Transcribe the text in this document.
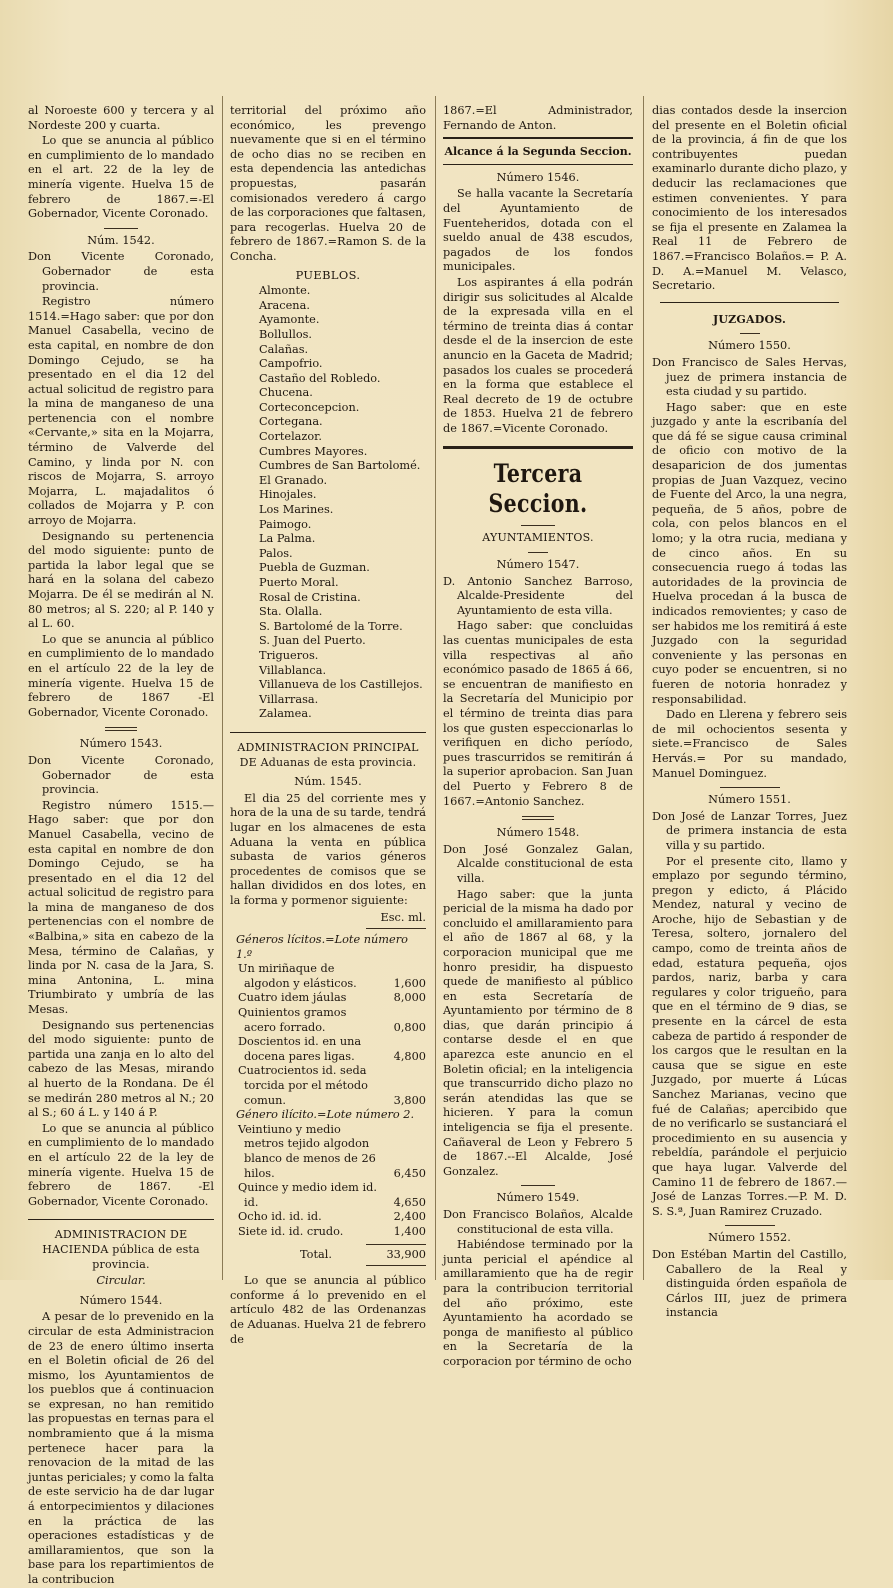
al Noroeste 600 y tercera y al Nordeste 200 y cuarta.

Lo que se anuncia al público en cumplimiento de lo mandado en el art. 22 de la ley de minería vigente. Huelva 15 de febrero de 1867.=-El Gobernador, Vicente Coronado.

Núm. 1542.

Don Vicente Coronado, Gobernador de esta provincia.

Registro número 1514.=Hago saber: que por don Manuel Casabella, vecino de esta capital, en nombre de don Domingo Cejudo, se ha presentado en el dia 12 del actual solicitud de registro para la mina de manganeso de una pertenencia con el nombre «Cervante,» sita en la Mojarra, término de Valverde del Camino, y linda por N. con riscos de Mojarra, S. arroyo Mojarra, L. majadalitos ó collados de Mojarra y P. con arroyo de Mojarra.

Designando su pertenencia del modo siguiente: punto de partida la labor legal que se hará en la solana del cabezo Mojarra. De él se medirán al N. 80 metros; al S. 220; al P. 140 y al L. 60.

Lo que se anuncia al público en cumplimiento de lo mandado en el artículo 22 de la ley de minería vigente. Huelva 15 de febrero de 1867 -El Gobernador, Vicente Coronado.

Número 1543.

Don Vicente Coronado, Gobernador de esta provincia.

Registro número 1515.—Hago saber: que por don Manuel Casabella, vecino de esta capital en nombre de don Domingo Cejudo, se ha presentado en el dia 12 del actual solicitud de registro para la mina de manganeso de dos pertenencias con el nombre de «Balbina,» sita en cabezo de la Mesa, término de Calañas, y linda por N. casa de la Jara, S. mina Antonina, L. mina Triumbirato y umbría de las Mesas.

Designando sus pertenencias del modo siguiente: punto de partida una zanja en lo alto del cabezo de las Mesas, mirando al huerto de la Rondana. De él se medirán 280 metros al N.; 20 al S.; 60 á L. y 140 á P.

Lo que se anuncia al público en cumplimiento de lo mandado en el artículo 22 de la ley de minería vigente. Huelva 15 de febrero de 1867. -El Gobernador, Vicente Coronado.

ADMINISTRACION DE HACIENDA pública de esta provincia.
Circular.
Número 1544.

A pesar de lo prevenido en la circular de esta Administracion de 23 de enero último inserta en el Boletin oficial de 26 del mismo, los Ayuntamientos de los pueblos que á continuacion se expresan, no han remitido las propuestas en ternas para el nombramiento que á la misma pertenece hacer para la renovacion de la mitad de las juntas periciales; y como la falta de este servicio ha de dar lugar á entorpecimientos y dilaciones en la práctica de las operaciones estadísticas y de amillaramientos, que son la base para los repartimientos de la contribucion

territorial del próximo año económico, les prevengo nuevamente que si en el término de ocho dias no se reciben en esta dependencia las antedichas propuestas, pasarán comisionados veredero á cargo de las corporaciones que faltasen, para recogerlas. Huelva 20 de febrero de 1867.=Ramon S. de la Concha.

PUEBLOS.

Almonte.

Aracena.

Ayamonte.

Bollullos.

Calañas.

Campofrio.

Castaño del Robledo.

Chucena.

Corteconcepcion.

Cortegana.

Cortelazor.

Cumbres Mayores.

Cumbres de San Bartolomé.

El Granado.

Hinojales.

Los Marines.

Paimogo.

La Palma.

Palos.

Puebla de Guzman.

Puerto Moral.

Rosal de Cristina.

Sta. Olalla.

S. Bartolomé de la Torre.

S. Juan del Puerto.

Trigueros.

Villablanca.

Villanueva de los Castillejos.

Villarrasa.

Zalamea.

ADMINISTRACION PRINCIPAL DE Aduanas de esta provincia.
Núm. 1545.

El dia 25 del corriente mes y hora de la una de su tarde, tendrá lugar en los almacenes de esta Aduana la venta en pública subasta de varios géneros procedentes de comisos que se hallan divididos en dos lotes, en la forma y pormenor siguiente:

Esc. ml.
Géneros lícitos.=Lote número 1.º
Un miriñaque de algodon y elásticos.	1,600
Cuatro idem jáulas	8,000
Quinientos gramos acero forrado.	0,800
Doscientos id. en una docena pares ligas.	4,800
Cuatrocientos id. seda torcida por el método comun.	3,800
Género ilícito.=Lote número 2.
Veintiuno y medio metros tejido algodon blanco de menos de 26 hilos.	6,450
Quince y medio idem id. id.	4,650
Ocho id. id. id.	2,400
Siete id. id. crudo.	1,400
Total.	33,900

Lo que se anuncia al público conforme á lo prevenido en el artículo 482 de las Ordenanzas de Aduanas. Huelva 21 de febrero de

1867.=El Administrador, Fernando de Anton.

Alcance á la Segunda Seccion.
Número 1546.

Se halla vacante la Secretaría del Ayuntamiento de Fuenteheridos, dotada con el sueldo anual de 438 escudos, pagados de los fondos municipales.

Los aspirantes á ella podrán dirigir sus solicitudes al Alcalde de la expresada villa en el término de treinta dias á contar desde el de la insercion de este anuncio en la Gaceta de Madrid; pasados los cuales se procederá en la forma que establece el Real decreto de 19 de octubre de 1853. Huelva 21 de febrero de 1867.=Vicente Coronado.

Tercera Seccion.
AYUNTAMIENTOS.
Número 1547.

D. Antonio Sanchez Barroso, Alcalde-Presidente del Ayuntamiento de esta villa.

Hago saber: que concluidas las cuentas municipales de esta villa respectivas al año económico pasado de 1865 á 66, se encuentran de manifiesto en la Secretaría del Municipio por el término de treinta dias para los que gusten especcionarlas lo verifiquen en dicho período, pues trascurridos se remitirán á la superior aprobacion. San Juan del Puerto y Febrero 8 de 1667.=Antonio Sanchez.

Número 1548.

Don José Gonzalez Galan, Alcalde constitucional de esta villa.

Hago saber: que la junta pericial de la misma ha dado por concluido el amillaramiento para el año de 1867 al 68, y la corporacion municipal que me honro presidir, ha dispuesto quede de manifiesto al público en esta Secretaría de Ayuntamiento por término de 8 dias, que darán principio á contarse desde el en que aparezca este anuncio en el Boletin oficial; en la inteligencia que transcurrido dicho plazo no serán atendidas las que se hicieren. Y para la comun inteligencia se fija el presente. Cañaveral de Leon y Febrero 5 de 1867.--El Alcalde, José Gonzalez.

Número 1549.

Don Francisco Bolaños, Alcalde constitucional de esta villa.

Habiéndose terminado por la junta pericial el apéndice al amillaramiento que ha de regir para la contribucion territorial del año próximo, este Ayuntamiento ha acordado se ponga de manifiesto al público en la Secretaría de la corporacion por término de ocho

dias contados desde la insercion del presente en el Boletin oficial de la provincia, á fin de que los contribuyentes puedan examinarlo durante dicho plazo, y deducir las reclamaciones que estimen convenientes. Y para conocimiento de los interesados se fija el presente en Zalamea la Real 11 de Febrero de 1867.=Francisco Bolaños.= P. A. D. A.=Manuel M. Velasco, Secretario.

JUZGADOS.
Número 1550.

Don Francisco de Sales Hervas, juez de primera instancia de esta ciudad y su partido.

Hago saber: que en este juzgado y ante la escribanía del que dá fé se sigue causa criminal de oficio con motivo de la desaparicion de dos jumentas propias de Juan Vazquez, vecino de Fuente del Arco, la una negra, pequeña, de 5 años, pobre de cola, con pelos blancos en el lomo; y la otra rucia, mediana y de cinco años. En su consecuencia ruego á todas las autoridades de la provincia de Huelva procedan á la busca de indicados removientes; y caso de ser habidos me los remitirá á este Juzgado con la seguridad conveniente y las personas en cuyo poder se encuentren, si no fueren de notoria honradez y responsabilidad.

Dado en Llerena y febrero seis de mil ochocientos sesenta y siete.=Francisco de Sales Hervás.= Por su mandado, Manuel Dominguez.

Número 1551.

Don José de Lanzar Torres, Juez de primera instancia de esta villa y su partido.

Por el presente cito, llamo y emplazo por segundo término, pregon y edicto, á Plácido Mendez, natural y vecino de Aroche, hijo de Sebastian y de Teresa, soltero, jornalero del campo, como de treinta años de edad, estatura pequeña, ojos pardos, nariz, barba y cara regulares y color trigueño, para que en el término de 9 dias, se presente en la cárcel de esta cabeza de partido á responder de los cargos que le resultan en la causa que se sigue en este Juzgado, por muerte á Lúcas Sanchez Marianas, vecino que fué de Calañas; apercibido que de no verificarlo se sustanciará el procedimiento en su ausencia y rebeldía, parándole el perjuicio que haya lugar. Valverde del Camino 11 de febrero de 1867.—José de Lanzas Torres.—P. M. D. S. S.ª, Juan Ramirez Cruzado.

Número 1552.

Don Estéban Martin del Castillo, Caballero de la Real y distinguida órden española de Cárlos III, juez de primera instancia
